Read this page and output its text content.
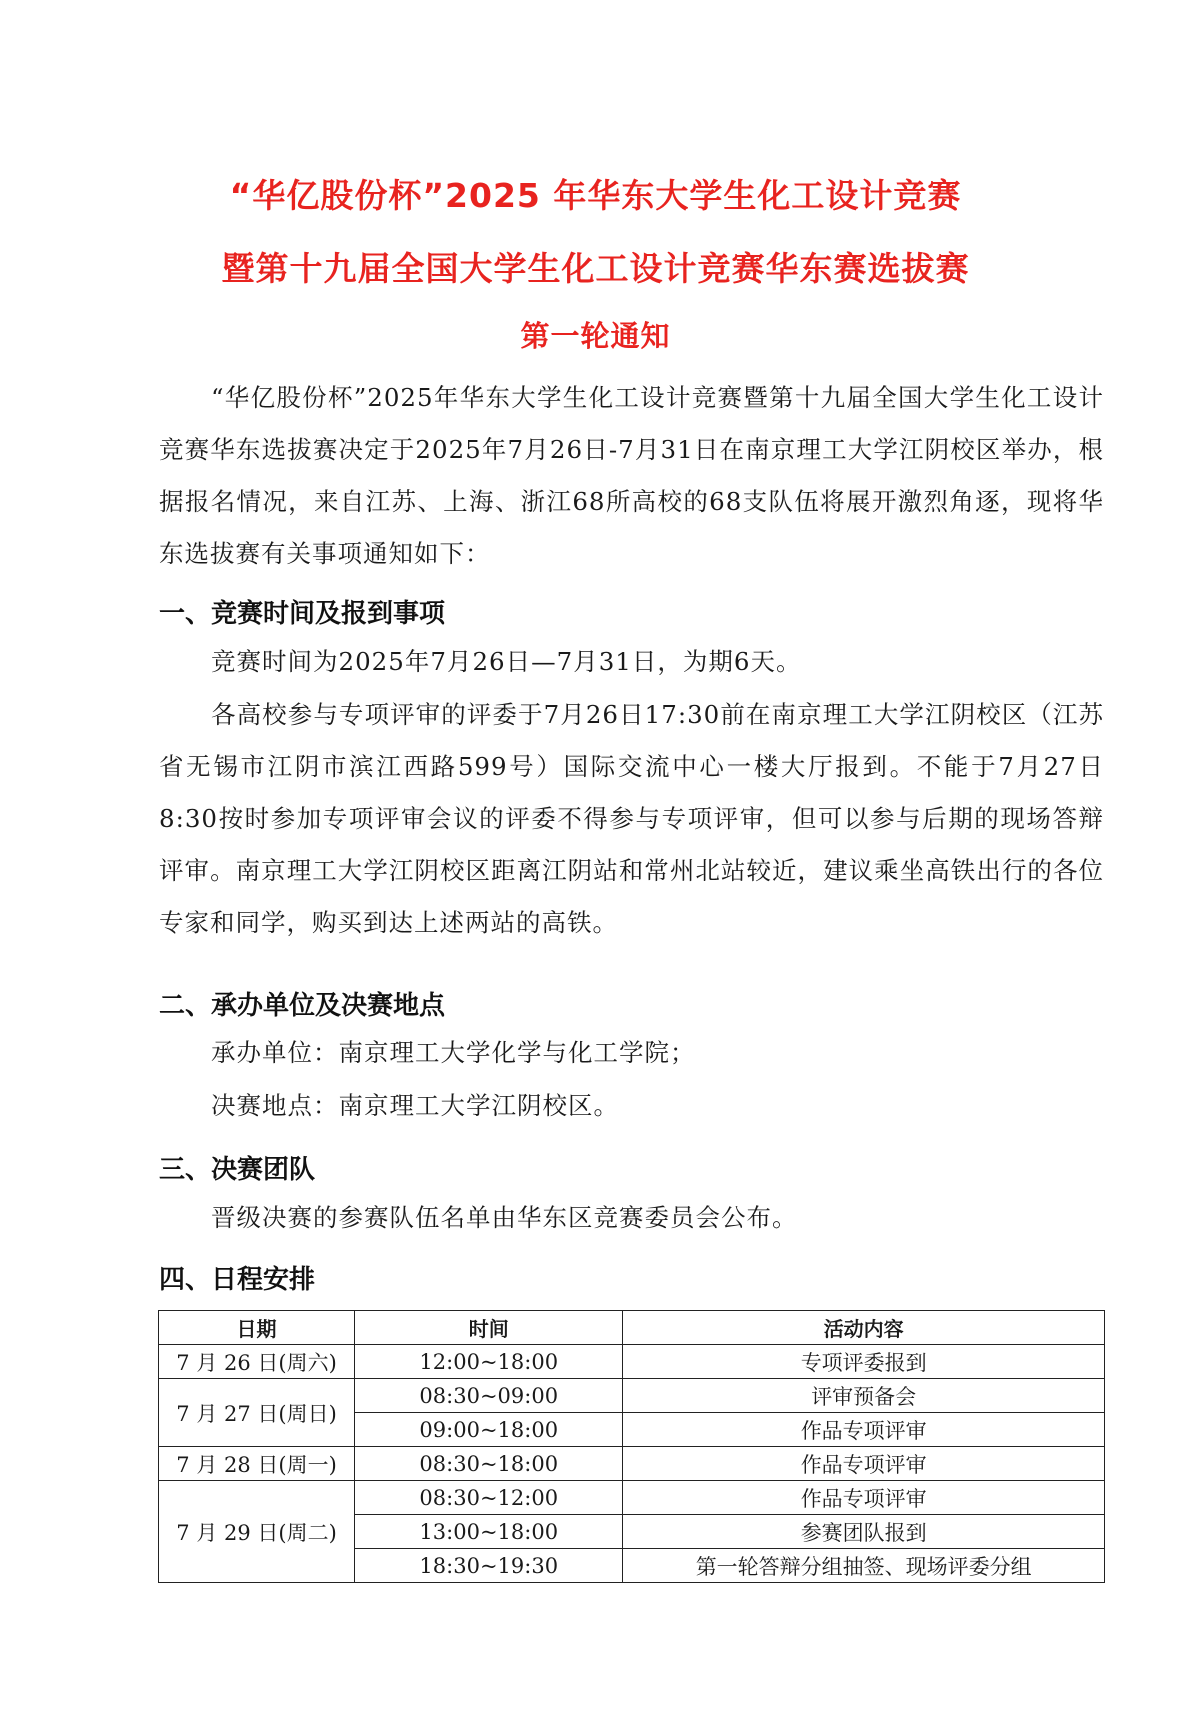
“华亿股份杯”2025 年华东大学生化工设计竞赛
暨第十九届全国大学生化工设计竞赛华东赛选拔赛
第一轮通知
“华亿股份杯”2025年华东大学生化工设计竞赛暨第十九届全国大学生化工设计竞赛华东选拔赛决定于2025年7月26日-7月31日在南京理工大学江阴校区举办，根据报名情况，来自江苏、上海、浙江68所高校的68支队伍将展开激烈角逐，现将华东选拔赛有关事项通知如下：
一、竞赛时间及报到事项
竞赛时间为2025年7月26日—7月31日，为期6天。
各高校参与专项评审的评委于7月26日17:30前在南京理工大学江阴校区（江苏省无锡市江阴市滨江西路599号）国际交流中心一楼大厅报到。不能于7月27日8:30按时参加专项评审会议的评委不得参与专项评审，但可以参与后期的现场答辩评审。南京理工大学江阴校区距离江阴站和常州北站较近，建议乘坐高铁出行的各位专家和同学，购买到达上述两站的高铁。
二、承办单位及决赛地点
承办单位：南京理工大学化学与化工学院；
决赛地点：南京理工大学江阴校区。
三、决赛团队
晋级决赛的参赛队伍名单由华东区竞赛委员会公布。
四、日程安排
日期	时间	活动内容
7 月 26 日(周六)	12:00~18:00	专项评委报到
7 月 27 日(周日)	08:30~09:00	评审预备会
	09:00~18:00	作品专项评审
7 月 28 日(周一)	08:30~18:00	作品专项评审
7 月 29 日(周二)	08:30~12:00	作品专项评审
	13:00~18:00	参赛团队报到
	18:30~19:30	第一轮答辩分组抽签、现场评委分组
